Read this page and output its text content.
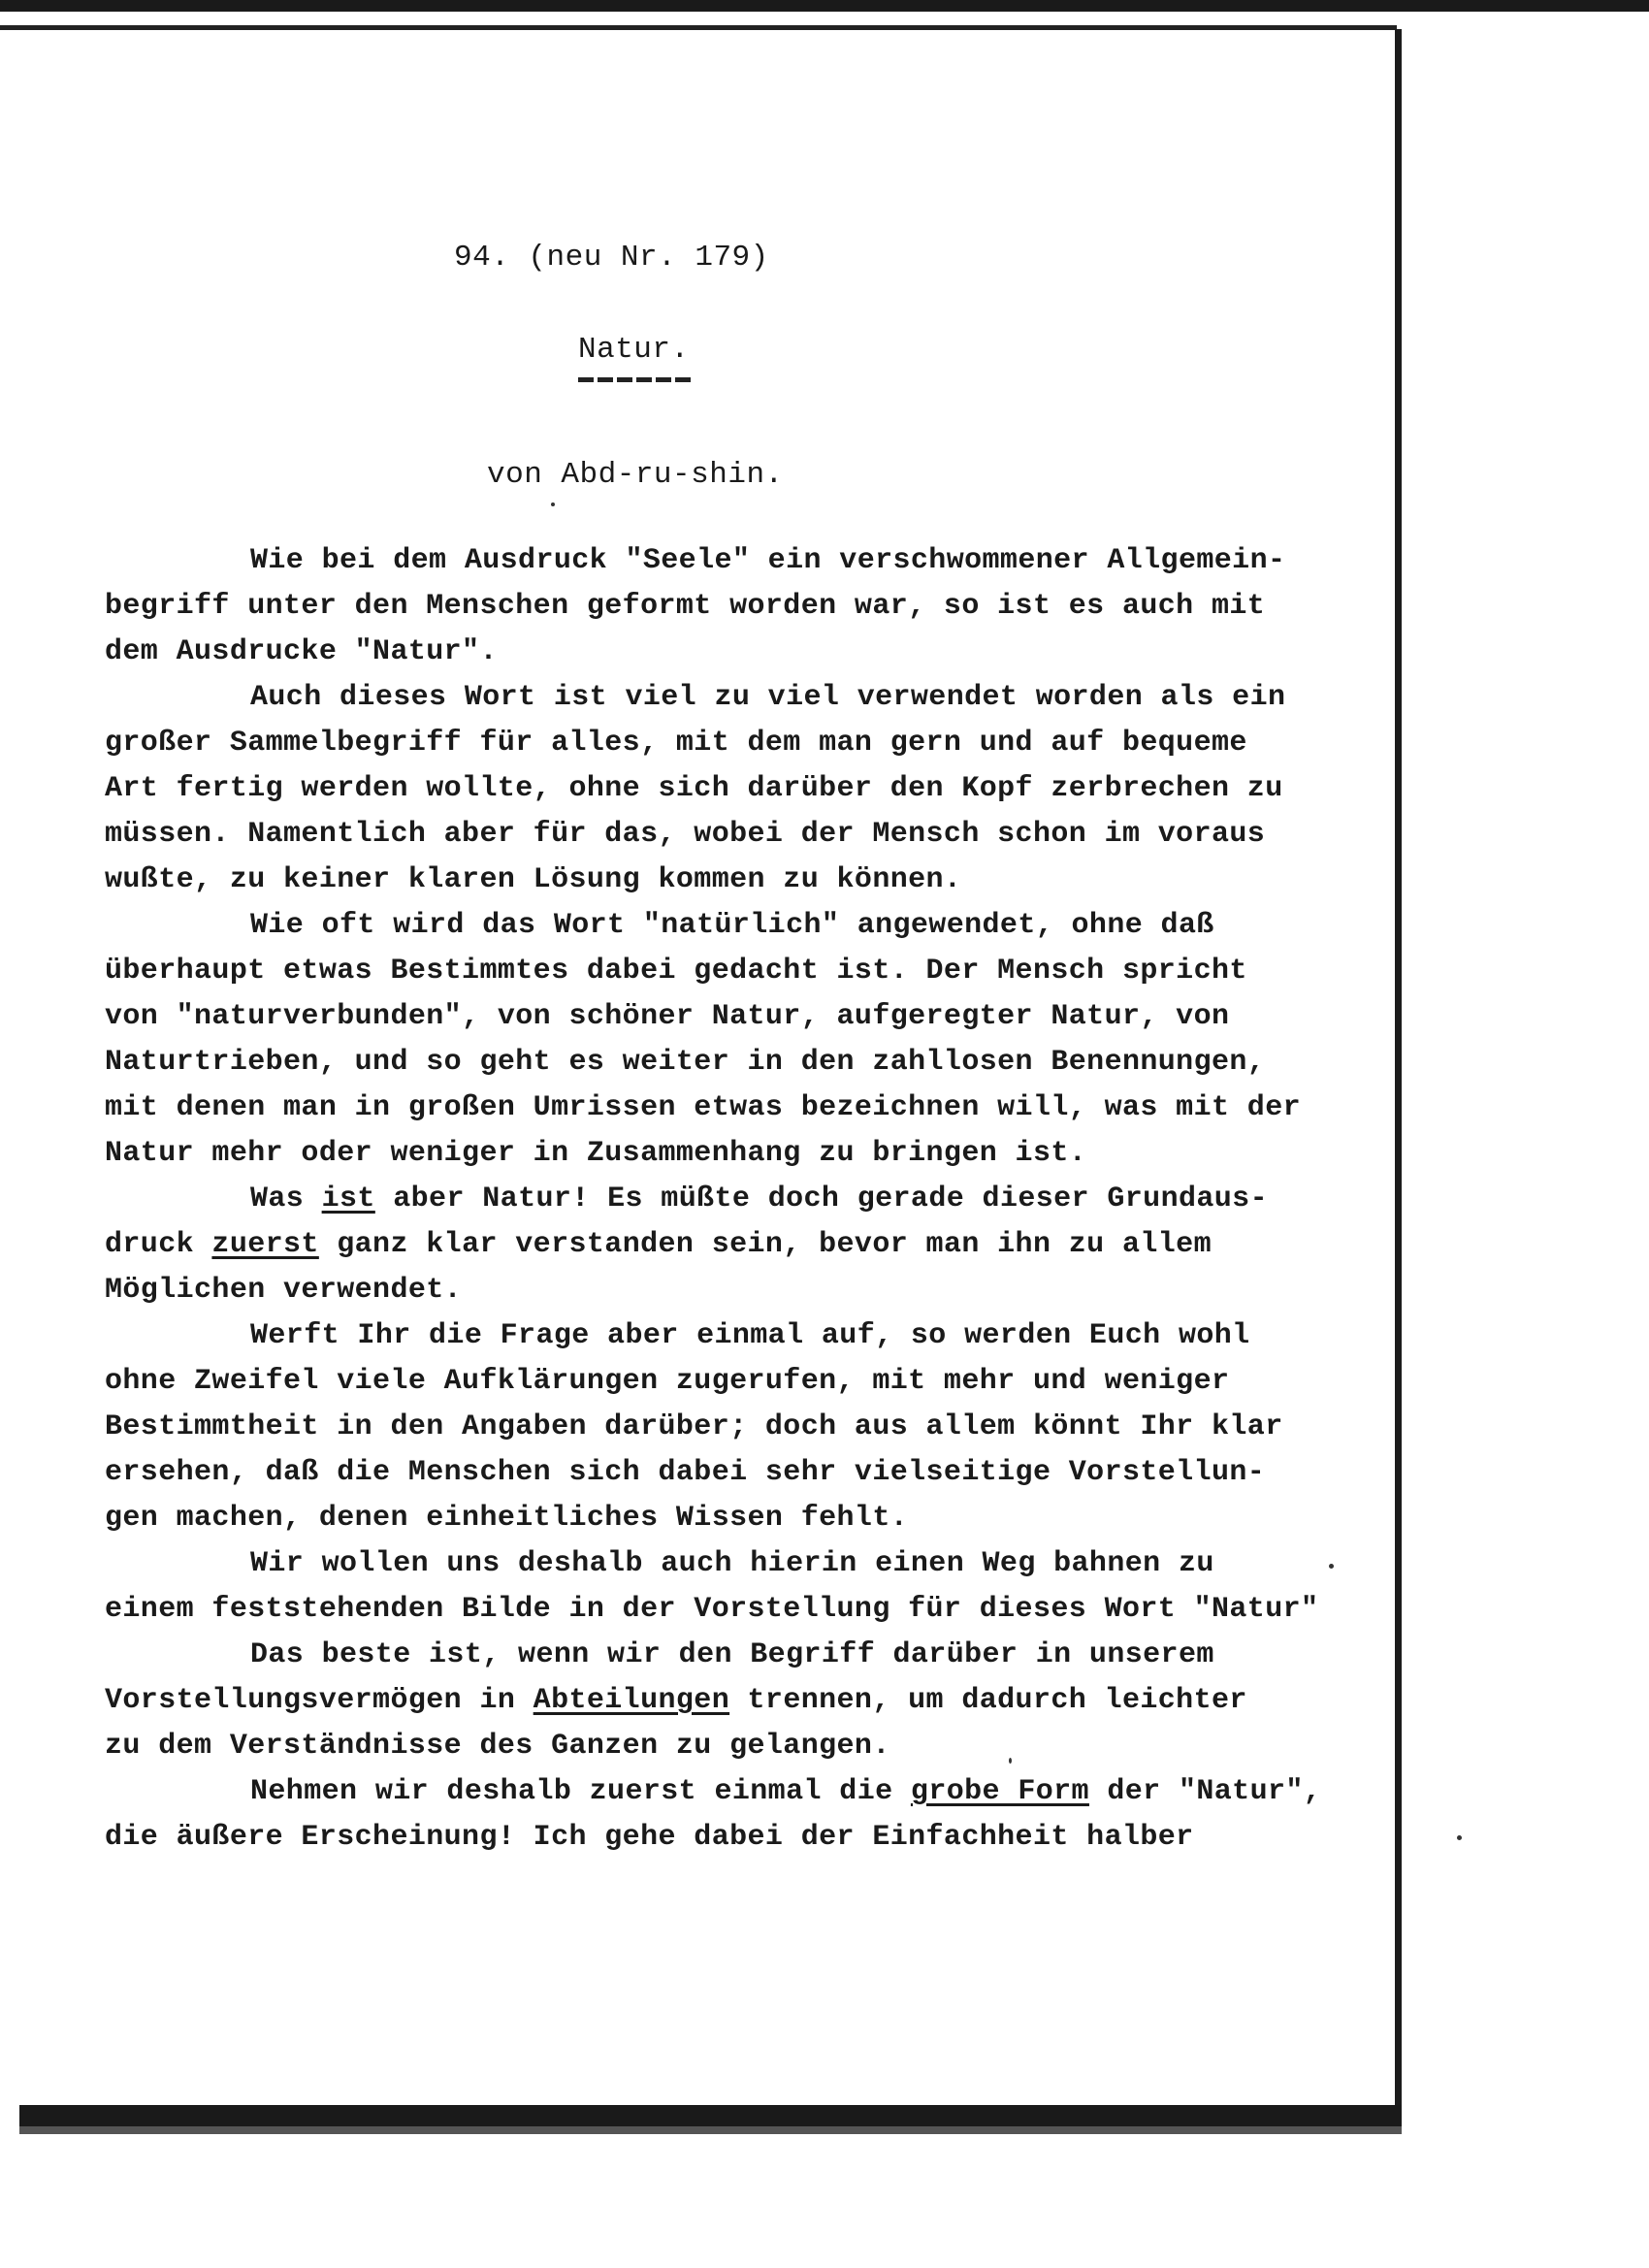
94. (neu Nr. 179)
Natur.
von Abd-ru-shin.
Wie bei dem Ausdruck "Seele" ein verschwommener Allgemein-
begriff unter den Menschen geformt worden war, so ist es auch mit
dem Ausdrucke "Natur".
Auch dieses Wort ist viel zu viel verwendet worden als ein
großer Sammelbegriff für alles, mit dem man gern und auf bequeme
Art fertig werden wollte, ohne sich darüber den Kopf zerbrechen zu
müssen. Namentlich aber für das, wobei der Mensch schon im voraus
wußte, zu keiner klaren Lösung kommen zu können.
Wie oft wird das Wort "natürlich" angewendet, ohne daß
überhaupt etwas Bestimmtes dabei gedacht ist. Der Mensch spricht
von "naturverbunden", von schöner Natur, aufgeregter Natur, von
Naturtrieben, und so geht es weiter in den zahllosen Benennungen,
mit denen man in großen Umrissen etwas bezeichnen will, was mit der
Natur mehr oder weniger in Zusammenhang zu bringen ist.
Was ist aber Natur! Es müßte doch gerade dieser Grundaus-
druck zuerst ganz klar verstanden sein, bevor man ihn zu allem
Möglichen verwendet.
Werft Ihr die Frage aber einmal auf, so werden Euch wohl
ohne Zweifel viele Aufklärungen zugerufen, mit mehr und weniger
Bestimmtheit in den Angaben darüber; doch aus allem könnt Ihr klar
ersehen, daß die Menschen sich dabei sehr vielseitige Vorstellun-
gen machen, denen einheitliches Wissen fehlt.
Wir wollen uns deshalb auch hierin einen Weg bahnen zu
einem feststehenden Bilde in der Vorstellung für dieses Wort "Natur"
Das beste ist, wenn wir den Begriff darüber in unserem
Vorstellungsvermögen in Abteilungen trennen, um dadurch leichter
zu dem Verständnisse des Ganzen zu gelangen.
Nehmen wir deshalb zuerst einmal die grobe Form der "Natur",
die äußere Erscheinung! Ich gehe dabei der Einfachheit halber
